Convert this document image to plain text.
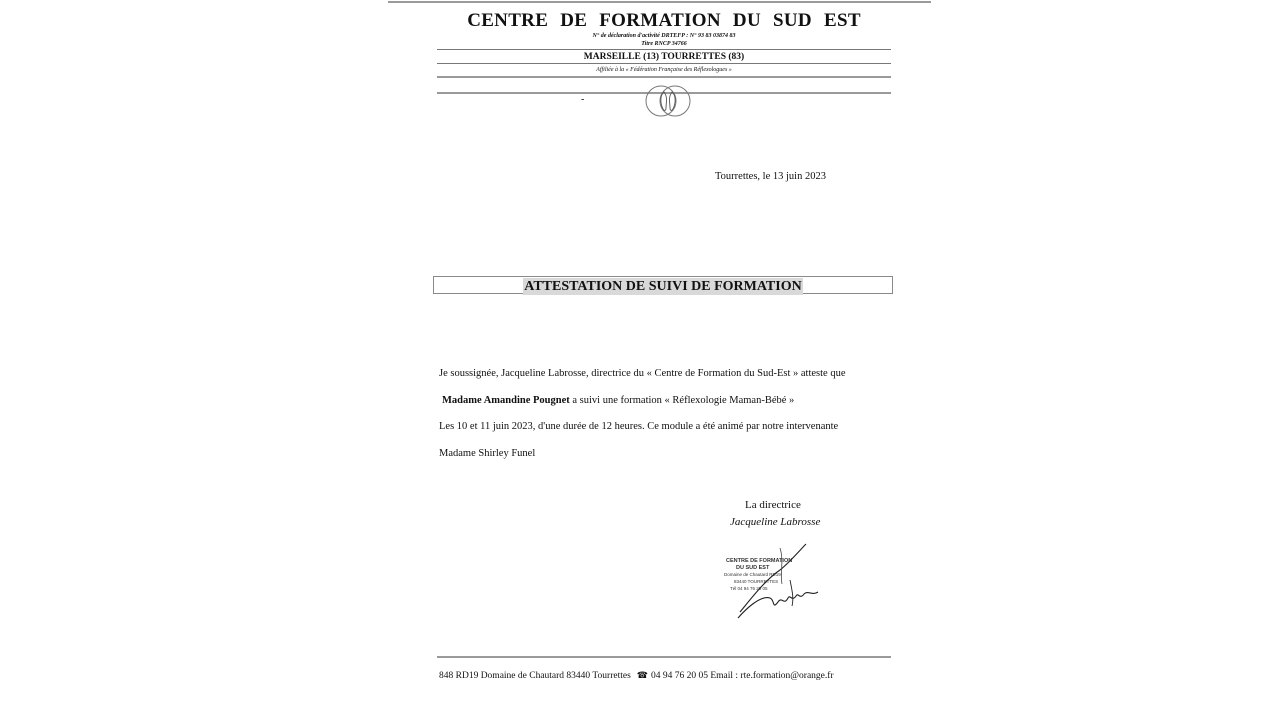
CENTRE DE FORMATION DU SUD EST
N° de déclaration d'activité DRTEFP : N° 93 83 03874 83
Titre RNCP 34766
MARSEILLE (13) TOURRETTES (83)
Affiliée à la « Fédération Française des Réflexologues »
-
Tourrettes, le 13 juin 2023
ATTESTATION DE SUIVI DE FORMATION
Je soussignée, Jacqueline Labrosse, directrice du « Centre de Formation du Sud-Est » atteste que
Madame Amandine Pougnet a suivi une formation « Réflexologie Maman-Bébé »
Les 10 et 11 juin 2023, d'une durée de 12 heures. Ce module a été animé par notre intervenante
Madame Shirley Funel
La directrice
Jacqueline Labrosse
CENTRE DE FORMATION
DU SUD EST
Domaine de Chautard RD19
83440 TOURRETTES
Tél 04 94 76 20 05
848 RD19 Domaine de Chautard 83440 Tourrettes ☎ 04 94 76 20 05 Email : rte.formation@orange.fr
